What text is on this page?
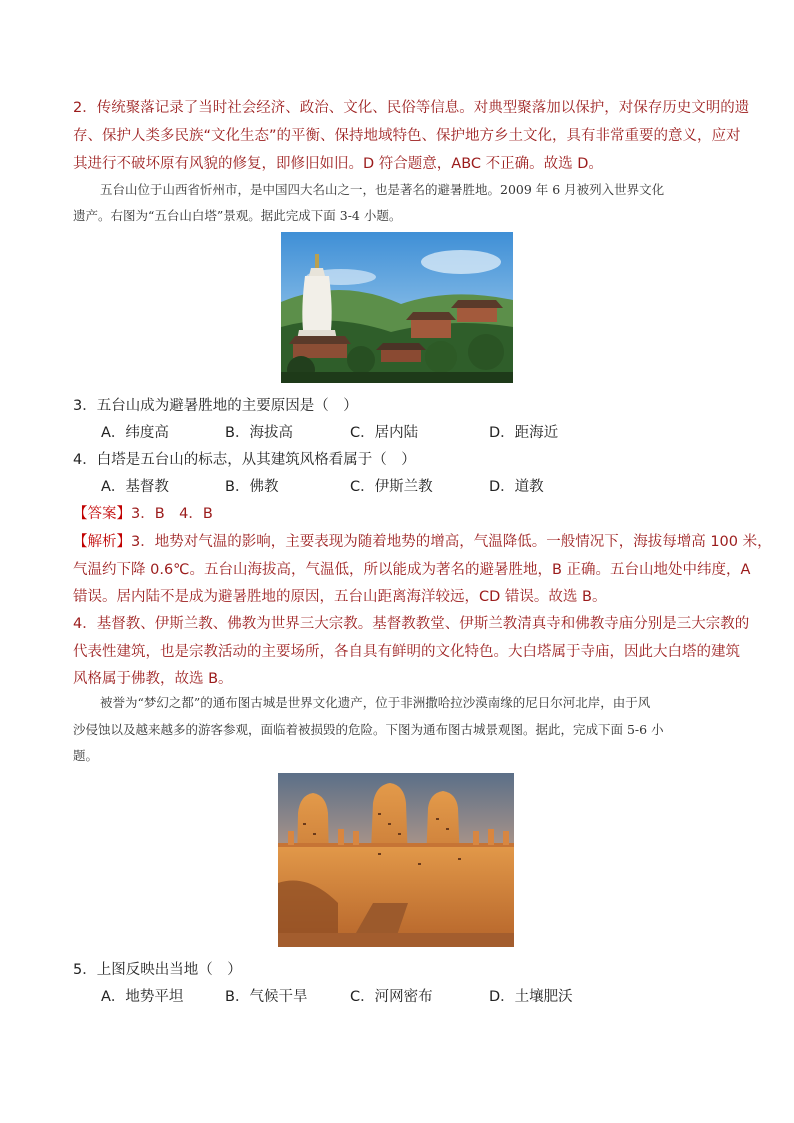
2．传统聚落记录了当时社会经济、政治、文化、民俗等信息。对典型聚落加以保护，对保存历史文明的遗
存、保护人类多民族“文化生态”的平衡、保持地域特色、保护地方乡土文化，具有非常重要的意义，应对
其进行不破坏原有风貌的修复，即修旧如旧。D 符合题意，ABC 不正确。故选 D。
五台山位于山西省忻州市，是中国四大名山之一，也是著名的避暑胜地。2009 年 6 月被列入世界文化
遗产。右图为“五台山白塔”景观。据此完成下面 3-4 小题。
3．五台山成为避暑胜地的主要原因是（　）
A．纬度高	B．海拔高	C．居内陆	D．距海近
4．白塔是五台山的标志，从其建筑风格看属于（　）
A．基督教	B．佛教	C．伊斯兰教	D．道教
【答案】3．B　4．B
【解析】3．地势对气温的影响，主要表现为随着地势的增高，气温降低。一般情况下，海拔每增高 100 米，
气温约下降 0.6℃。五台山海拔高，气温低，所以能成为著名的避暑胜地，B 正确。五台山地处中纬度，A
错误。居内陆不是成为避暑胜地的原因，五台山距离海洋较远，CD 错误。故选 B。
4．基督教、伊斯兰教、佛教为世界三大宗教。基督教教堂、伊斯兰教清真寺和佛教寺庙分别是三大宗教的
代表性建筑，也是宗教活动的主要场所，各自具有鲜明的文化特色。大白塔属于寺庙，因此大白塔的建筑
风格属于佛教，故选 B。
被誉为“梦幻之都”的通布图古城是世界文化遗产，位于非洲撒哈拉沙漠南缘的尼日尔河北岸，由于风
沙侵蚀以及越来越多的游客参观，面临着被损毁的危险。下图为通布图古城景观图。据此，完成下面 5-6 小
题。
5．上图反映出当地（　）
A．地势平坦	B．气候干旱	C．河网密布	D．土壤肥沃
